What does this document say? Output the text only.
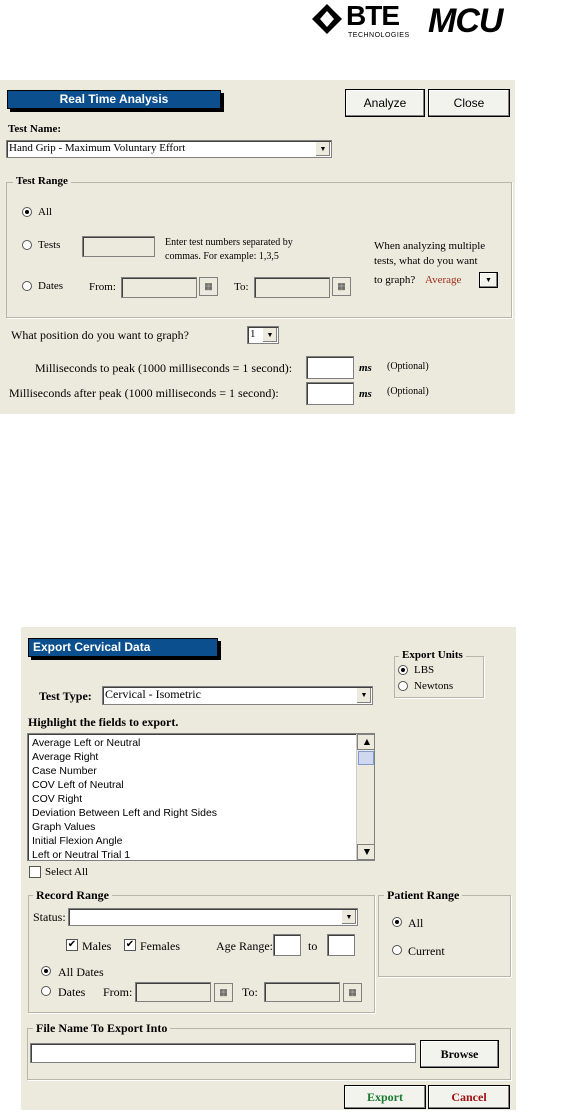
BTE
TECHNOLOGIES MCU
Real Time Analysis	Analyze	Close
Test Name:
Hand Grip - Maximum Voluntary Effort	▼
Test Range
All
Tests	Enter test numbers separated by
commas. For example: 1,3,5
Dates From:	▦	To:	▦
When analyzing multiple
tests, what do you want
to graph? Average	▼
What position do you want to graph?	1	▼
Milliseconds to peak (1000 milliseconds = 1 second):	ms (Optional)
Milliseconds after peak (1000 milliseconds = 1 second):	ms (Optional)
Export Cervical Data
Export Units
LBS
Newtons
Test Type: Cervical - Isometric	▼
Highlight the fields to export.
Average Left or Neutral
Average Right
Case Number
COV Left of Neutral
COV Right
Deviation Between Left and Right Sides
Graph Values
Initial Flexion Angle
Left or Neutral Trial 1
▲
▼
Select All
Record Range
Status:	▼
✔ Males ✔ Females	Age Range:	to
All Dates
Dates From:	▦	To:	▦
Patient Range
All
Current
File Name To Export Into
Browse
Export	Cancel
